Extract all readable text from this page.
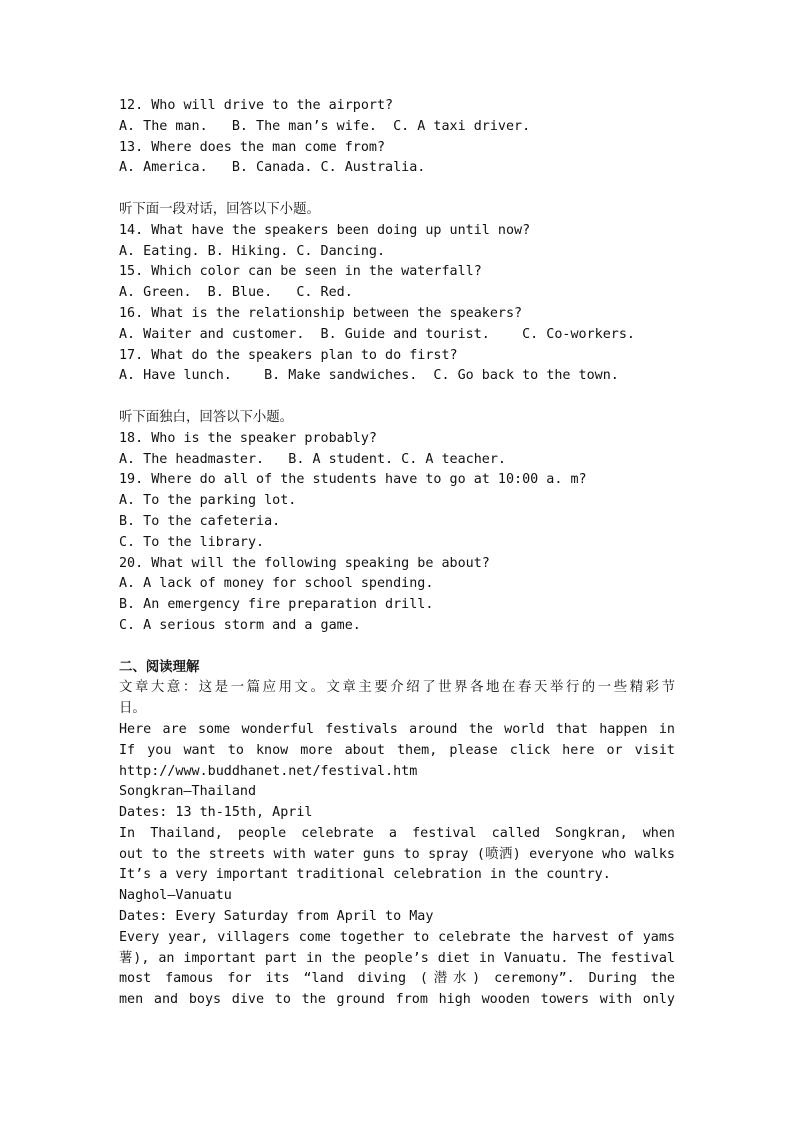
12. Who will drive to the airport?
A. The man.   B. The man’s wife.  C. A taxi driver.
13. Where does the man come from?
A. America.   B. Canada. C. Australia.
听下面一段对话，回答以下小题。
14. What have the speakers been doing up until now?
A. Eating. B. Hiking. C. Dancing.
15. Which color can be seen in the waterfall?
A. Green.  B. Blue.   C. Red.
16. What is the relationship between the speakers?
A. Waiter and customer.  B. Guide and tourist.    C. Co-workers.
17. What do the speakers plan to do first?
A. Have lunch.    B. Make sandwiches.  C. Go back to the town.
听下面独白，回答以下小题。
18. Who is the speaker probably?
A. The headmaster.   B. A student. C. A teacher.
19. Where do all of the students have to go at 10:00 a. m?
A. To the parking lot.
B. To the cafeteria.
C. To the library.
20. What will the following speaking be about?
A. A lack of money for school spending.
B. An emergency fire preparation drill.
C. A serious storm and a game.
二、阅读理解
文章大意：这是一篇应用文。文章主要介绍了世界各地在春天举行的一些精彩节
日。
Here are some wonderful festivals around the world that happen in
If you want to know more about them, please click here or visit
http://www.buddhanet.net/festival.htm
Songkran—Thailand
Dates: 13 th-15th, April
In Thailand, people celebrate a festival called Songkran, when
out to the streets with water guns to spray (喷洒) everyone who walks
It’s a very important traditional celebration in the country.
Naghol—Vanuatu
Dates: Every Saturday from April to May
Every year, villagers come together to celebrate the harvest of yams
薯), an important part in the people’s diet in Vanuatu. The festival
most famous for its “land diving (潜水) ceremony”. During the
men and boys dive to the ground from high wooden towers with only
